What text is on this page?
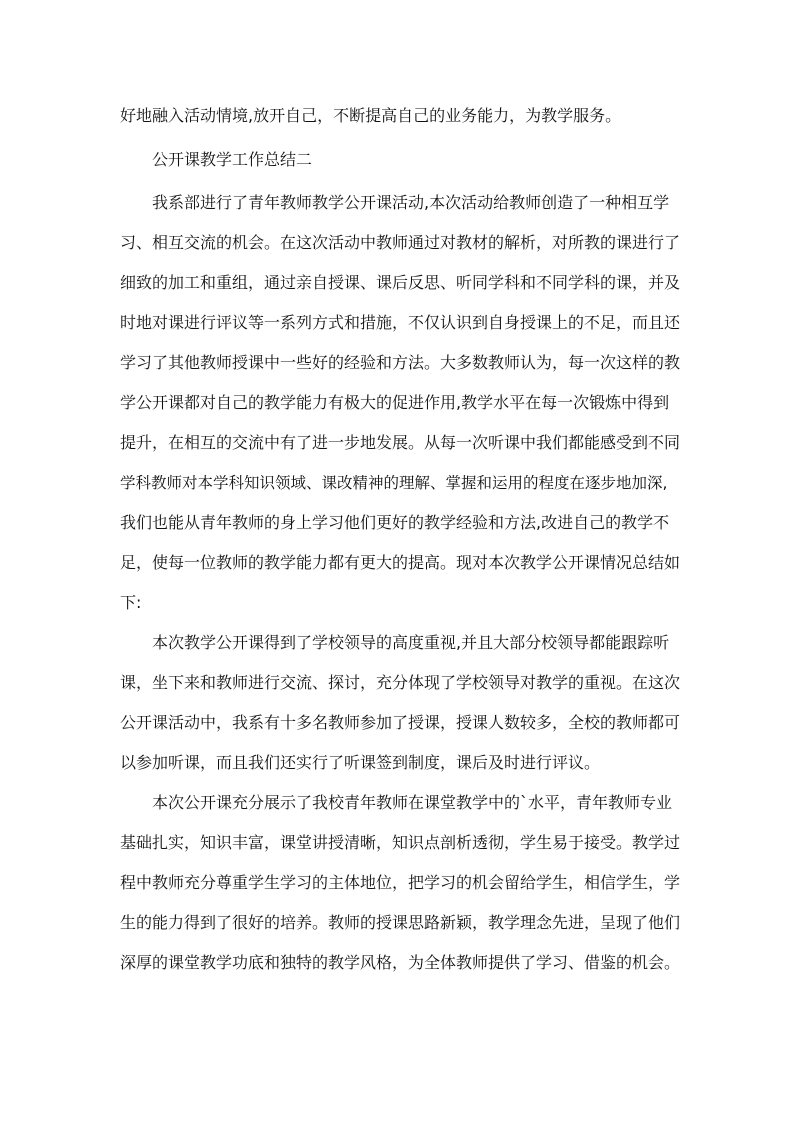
好地融入活动情境,放开自己，不断提高自己的业务能力，为教学服务。
公开课教学工作总结二
我系部进行了青年教师教学公开课活动,本次活动给教师创造了一种相互学
习、相互交流的机会。在这次活动中教师通过对教材的解析，对所教的课进行了
细致的加工和重组，通过亲自授课、课后反思、听同学科和不同学科的课，并及
时地对课进行评议等一系列方式和措施，不仅认识到自身授课上的不足，而且还
学习了其他教师授课中一些好的经验和方法。大多数教师认为，每一次这样的教
学公开课都对自己的教学能力有极大的促进作用,教学水平在每一次锻炼中得到
提升，在相互的交流中有了进一步地发展。从每一次听课中我们都能感受到不同
学科教师对本学科知识领域、课改精神的理解、掌握和运用的程度在逐步地加深,
我们也能从青年教师的身上学习他们更好的教学经验和方法,改进自己的教学不
足，使每一位教师的教学能力都有更大的提高。现对本次教学公开课情况总结如
下:
本次教学公开课得到了学校领导的高度重视,并且大部分校领导都能跟踪听
课，坐下来和教师进行交流、探讨，充分体现了学校领导对教学的重视。在这次
公开课活动中，我系有十多名教师参加了授课，授课人数较多，全校的教师都可
以参加听课，而且我们还实行了听课签到制度，课后及时进行评议。
本次公开课充分展示了我校青年教师在课堂教学中的`水平，青年教师专业
基础扎实，知识丰富，课堂讲授清晰，知识点剖析透彻，学生易于接受。教学过
程中教师充分尊重学生学习的主体地位，把学习的机会留给学生，相信学生，学
生的能力得到了很好的培养。教师的授课思路新颖，教学理念先进，呈现了他们
深厚的课堂教学功底和独特的教学风格，为全体教师提供了学习、借鉴的机会。
